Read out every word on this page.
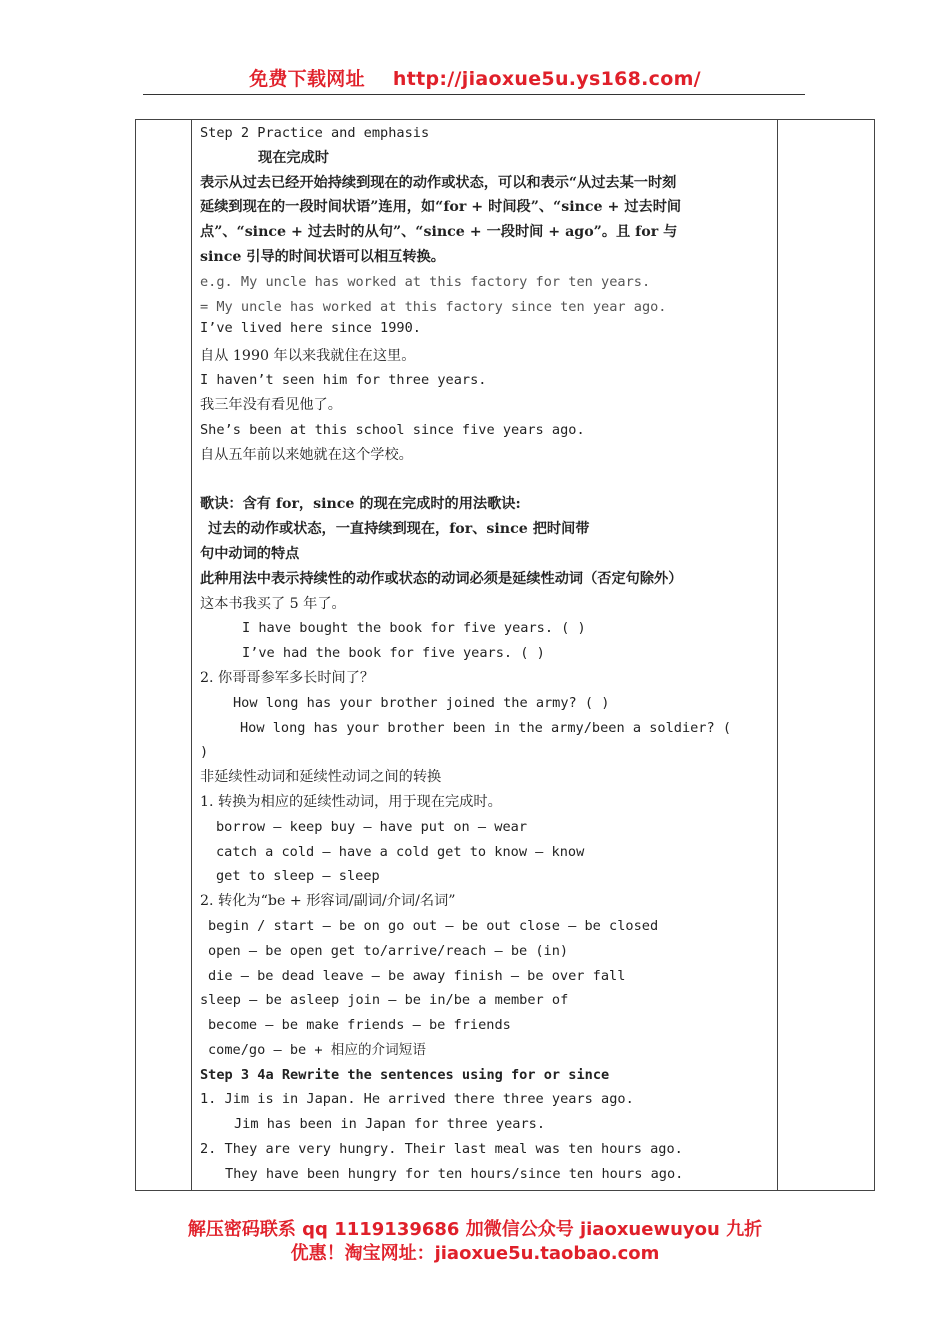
免费下载网址 http://jiaoxue5u.ys168.com/
Step 2 Practice and emphasis
现在完成时
表示从过去已经开始持续到现在的动作或状态，可以和表示“从过去某一时刻
延续到现在的一段时间状语”连用，如“for + 时间段”、“since + 过去时间
点”、“since + 过去时的从句”、“since + 一段时间 + ago”。且 for 与
since 引导的时间状语可以相互转换。
e.g. My uncle has worked at this factory for ten years.
= My uncle has worked at this factory since ten year ago.
I’ve lived here since 1990.
自从 1990 年以来我就住在这里。
I haven’t seen him for three years.
我三年没有看见他了。
She’s been at this school since five years ago.
自从五年前以来她就在这个学校。
歌诀：含有 for，since 的现在完成时的用法歌诀:
过去的动作或状态，一直持续到现在，for、since 把时间带
句中动词的特点
此种用法中表示持续性的动作或状态的动词必须是延续性动词（否定句除外）
这本书我买了 5 年了。
I have bought the book for five years. ( )
I’ve had the book for five years. ( )
2. 你哥哥参军多长时间了？
How long has your brother joined the army? ( )
How long has your brother been in the army/been a soldier? (
)
非延续性动词和延续性动词之间的转换
1. 转换为相应的延续性动词，用于现在完成时。
borrow — keep buy — have put on — wear
catch a cold — have a cold get to know — know
get to sleep — sleep
2. 转化为“be + 形容词/副词/介词/名词”
begin / start — be on go out — be out close — be closed
open — be open get to/arrive/reach — be (in)
die — be dead leave — be away finish — be over fall
sleep — be asleep join — be in/be a member of
become — be make friends — be friends
come/go — be + 相应的介词短语
Step 3 4a Rewrite the sentences using for or since
1. Jim is in Japan. He arrived there three years ago.
Jim has been in Japan for three years.
2. They are very hungry. Their last meal was ten hours ago.
They have been hungry for ten hours/since ten hours ago.
解压密码联系 qq 1119139686 加微信公众号 jiaoxuewuyou 九折
优惠！淘宝网址：jiaoxue5u.taobao.com
